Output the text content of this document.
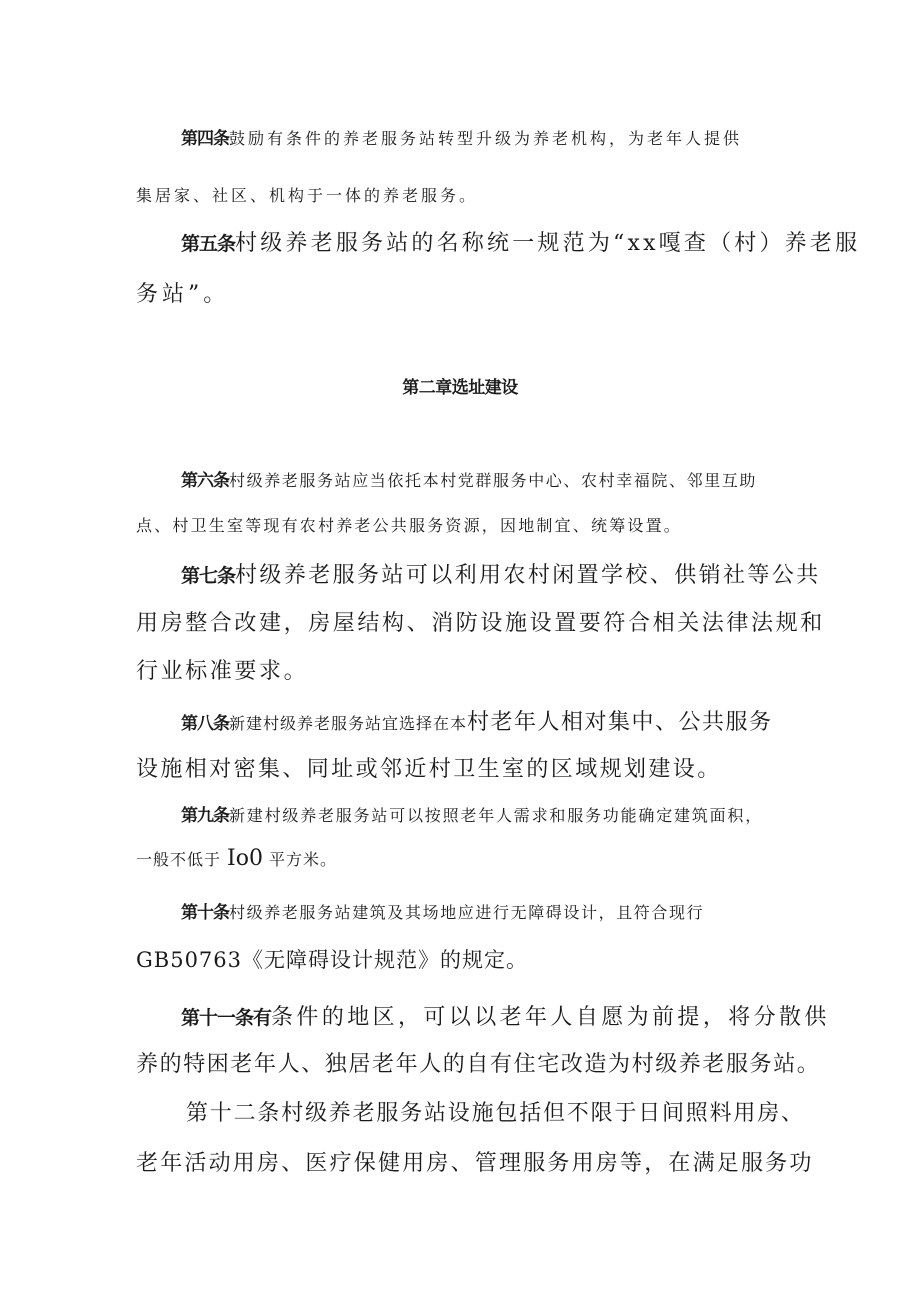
第四条鼓励有条件的养老服务站转型升级为养老机构，为老年人提供
集居家、社区、机构于一体的养老服务。
第五条村级养老服务站的名称统一规范为“xx嘎查（村）养老服
务站”。
第二章选址建设
第六条村级养老服务站应当依托本村党群服务中心、农村幸福院、邻里互助
点、村卫生室等现有农村养老公共服务资源，因地制宜、统筹设置。
第七条村级养老服务站可以利用农村闲置学校、供销社等公共
用房整合改建，房屋结构、消防设施设置要符合相关法律法规和
行业标准要求。
第八条新建村级养老服务站宜选择在本村老年人相对集中、公共服务
设施相对密集、同址或邻近村卫生室的区域规划建设。
第九条新建村级养老服务站可以按照老年人需求和服务功能确定建筑面积，
一般不低于 Io0 平方米。
第十条村级养老服务站建筑及其场地应进行无障碍设计，且符合现行
GB50763《无障碍设计规范》的规定。
第十一条有条件的地区，可以以老年人自愿为前提，将分散供
养的特困老年人、独居老年人的自有住宅改造为村级养老服务站。
第十二条村级养老服务站设施包括但不限于日间照料用房、
老年活动用房、医疗保健用房、管理服务用房等，在满足服务功
